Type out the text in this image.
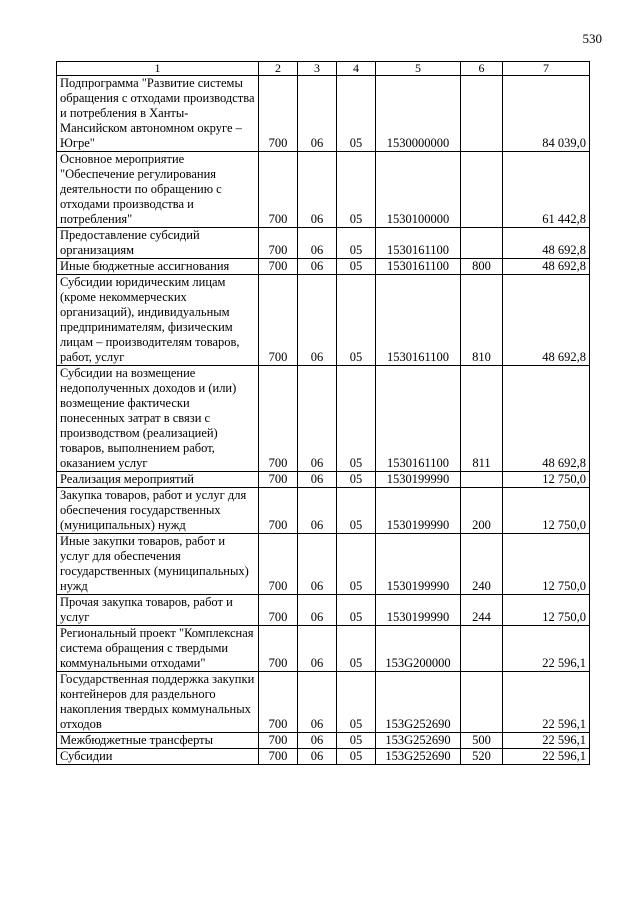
530
1	2	3	4	5	6	7
Подпрограмма "Развитие системы обращения с отходами производства и потребления в Ханты-Мансийском автономном округе – Югре"	700	06	05	1530000000		84 039,0
Основное мероприятие "Обеспечение регулирования деятельности по обращению с отходами производства и потребления"	700	06	05	1530100000		61 442,8
Предоставление субсидий организациям	700	06	05	1530161100		48 692,8
Иные бюджетные ассигнования	700	06	05	1530161100	800	48 692,8
Субсидии юридическим лицам (кроме некоммерческих организаций), индивидуальным предпринимателям, физическим лицам – производителям товаров, работ, услуг	700	06	05	1530161100	810	48 692,8
Субсидии на возмещение недополученных доходов и (или) возмещение фактически понесенных затрат в связи с производством (реализацией) товаров, выполнением работ, оказанием услуг	700	06	05	1530161100	811	48 692,8
Реализация мероприятий	700	06	05	1530199990		12 750,0
Закупка товаров, работ и услуг для обеспечения государственных (муниципальных) нужд	700	06	05	1530199990	200	12 750,0
Иные закупки товаров, работ и услуг для обеспечения государственных (муниципальных) нужд	700	06	05	1530199990	240	12 750,0
Прочая закупка товаров, работ и услуг	700	06	05	1530199990	244	12 750,0
Региональный проект "Комплексная система обращения с твердыми коммунальными отходами"	700	06	05	153G200000		22 596,1
Государственная поддержка закупки контейнеров для раздельного накопления твердых коммунальных отходов	700	06	05	153G252690		22 596,1
Межбюджетные трансферты	700	06	05	153G252690	500	22 596,1
Субсидии	700	06	05	153G252690	520	22 596,1
